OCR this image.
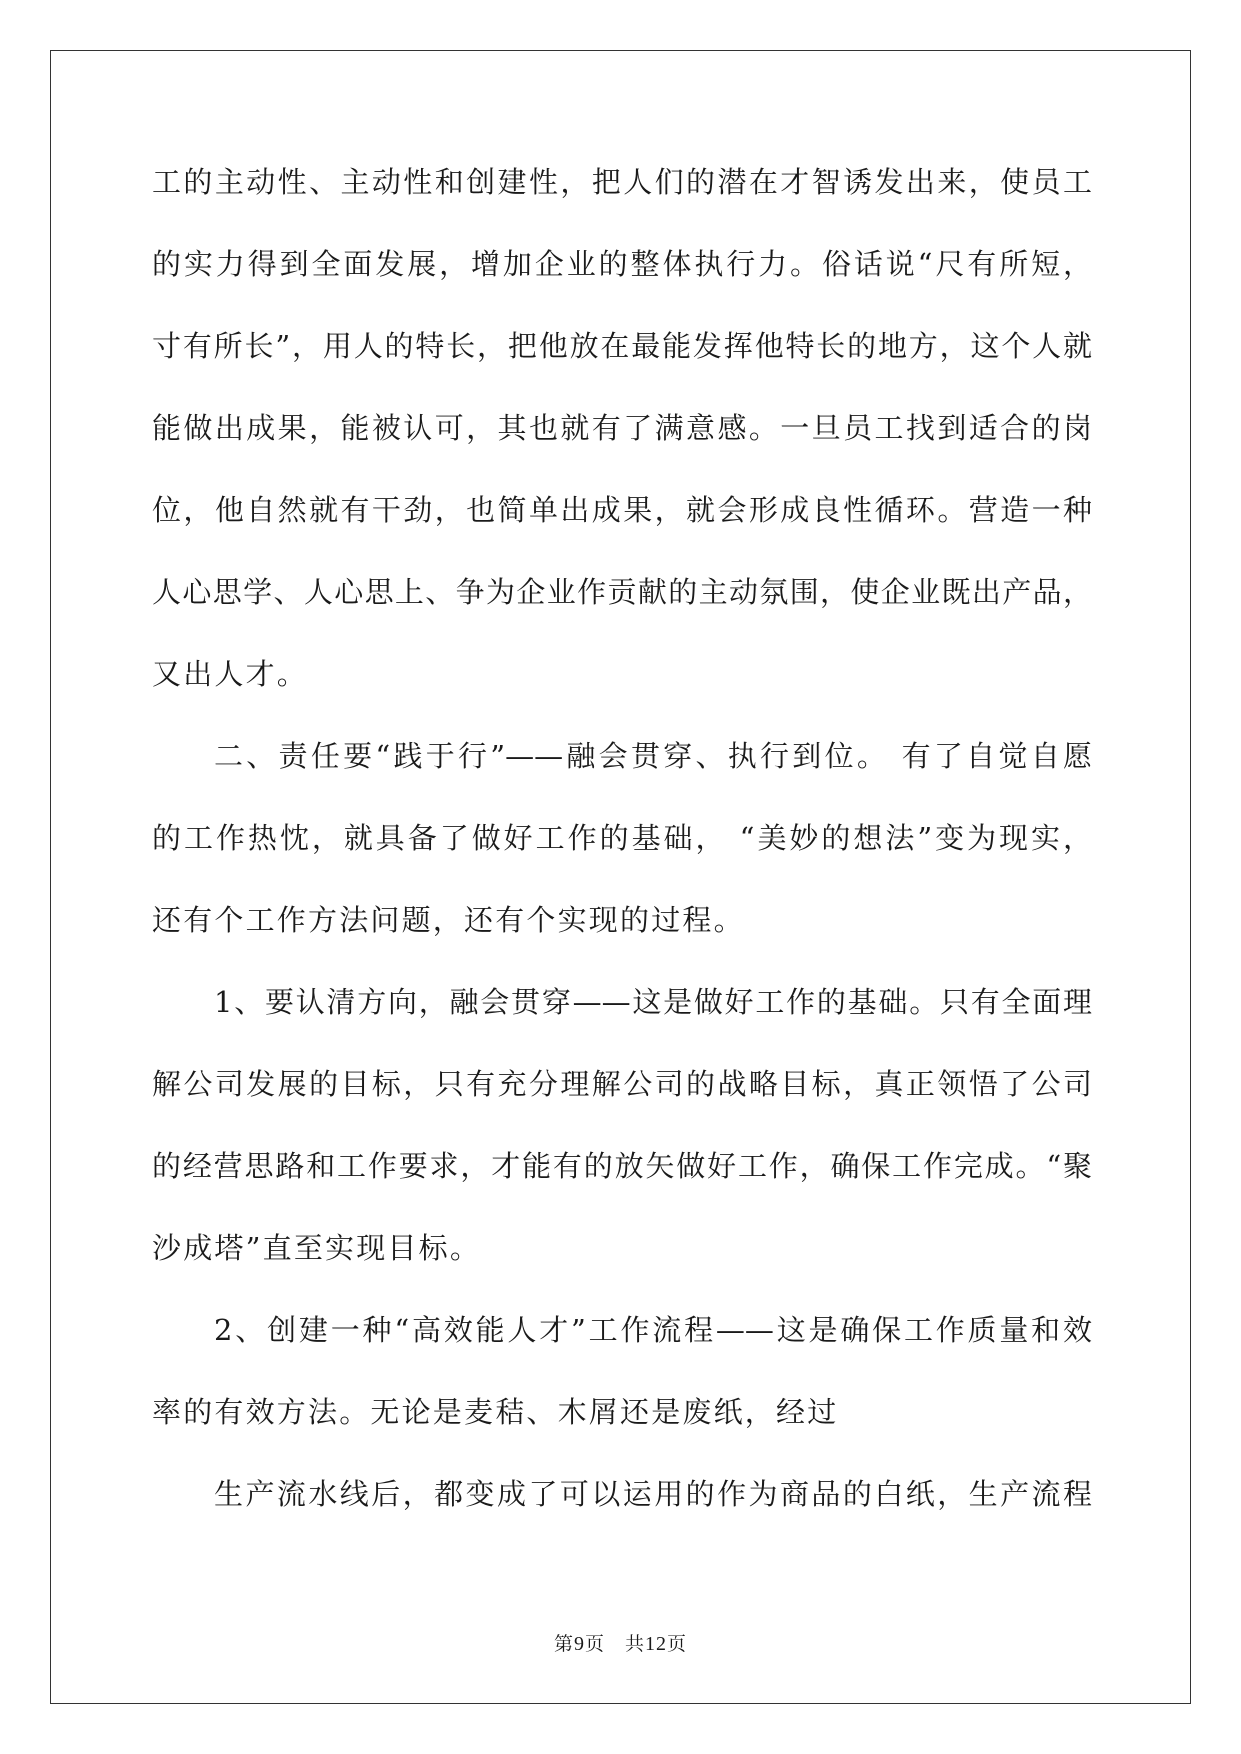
工的主动性、主动性和创建性，把人们的潜在才智诱发出来，使员工
的实力得到全面发展，增加企业的整体执行力。俗话说“尺有所短，
寸有所长”，用人的特长，把他放在最能发挥他特长的地方，这个人就
能做出成果，能被认可，其也就有了满意感。一旦员工找到适合的岗
位，他自然就有干劲，也简单出成果，就会形成良性循环。营造一种
人心思学、人心思上、争为企业作贡献的主动氛围，使企业既出产品，
又出人才。
二、责任要“践于行”——融会贯穿、执行到位。 有了自觉自愿
的工作热忱，就具备了做好工作的基础， “美妙的想法”变为现实，
还有个工作方法问题，还有个实现的过程。
1、要认清方向，融会贯穿——这是做好工作的基础。只有全面理
解公司发展的目标，只有充分理解公司的战略目标，真正领悟了公司
的经营思路和工作要求，才能有的放矢做好工作，确保工作完成。“聚
沙成塔”直至实现目标。
2、创建一种“高效能人才”工作流程——这是确保工作质量和效
率的有效方法。无论是麦秸、木屑还是废纸，经过
生产流水线后，都变成了可以运用的作为商品的白纸，生产流程
第9页 共12页
